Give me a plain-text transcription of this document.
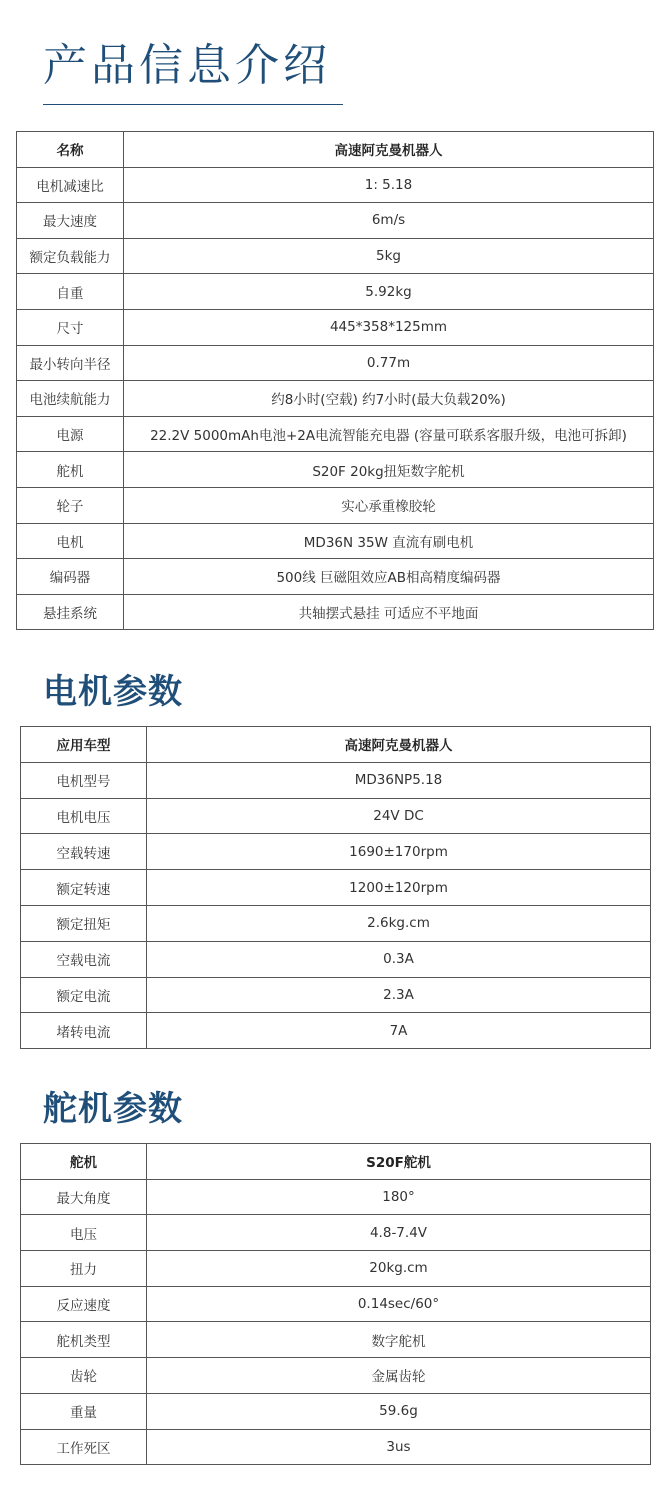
产品信息介绍
名称	高速阿克曼机器人
电机减速比	1: 5.18
最大速度	6m/s
额定负载能力	5kg
自重	5.92kg
尺寸	445*358*125mm
最小转向半径	0.77m
电池续航能力	约8小时(空载) 约7小时(最大负载20%)
电源	22.2V 5000mAh电池+2A电流智能充电器 (容量可联系客服升级，电池可拆卸)
舵机	S20F 20kg扭矩数字舵机
轮子	实心承重橡胶轮
电机	MD36N 35W 直流有刷电机
编码器	500线 巨磁阻效应AB相高精度编码器
悬挂系统	共轴摆式悬挂 可适应不平地面
电机参数
应用车型	高速阿克曼机器人
电机型号	MD36NP5.18
电机电压	24V DC
空载转速	1690±170rpm
额定转速	1200±120rpm
额定扭矩	2.6kg.cm
空载电流	0.3A
额定电流	2.3A
堵转电流	7A
舵机参数
舵机	S20F舵机
最大角度	180°
电压	4.8-7.4V
扭力	20kg.cm
反应速度	0.14sec/60°
舵机类型	数字舵机
齿轮	金属齿轮
重量	59.6g
工作死区	3us
